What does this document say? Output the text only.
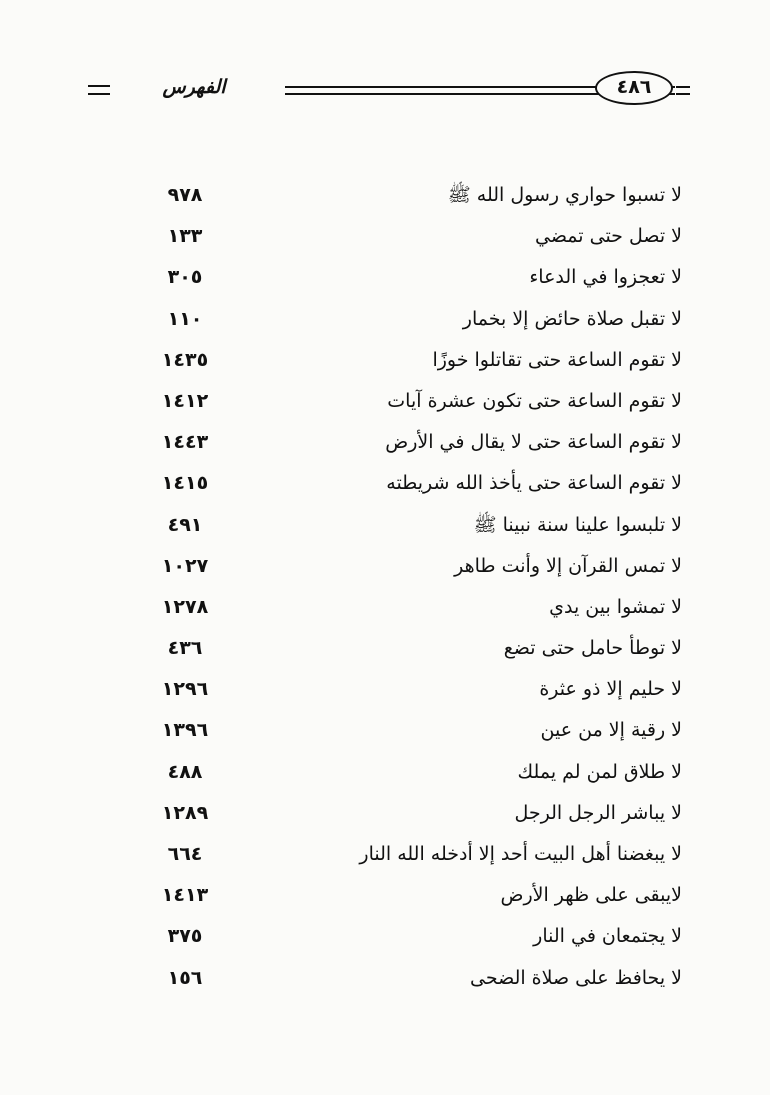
الفهرس	٤٨٦
لا تسبوا حواري رسول الله ﷺ
٩٧٨
لا تصل حتى تمضي
١٣٣
لا تعجزوا في الدعاء
٣٠٥
لا تقبل صلاة حائض إلا بخمار
١١٠
لا تقوم الساعة حتى تقاتلوا خوزًا
١٤٣٥
لا تقوم الساعة حتى تكون عشرة آيات
١٤١٢
لا تقوم الساعة حتى لا يقال في الأرض
١٤٤٣
لا تقوم الساعة حتى يأخذ الله شريطته
١٤١٥
لا تلبسوا علينا سنة نبينا ﷺ
٤٩١
لا تمس القرآن إلا وأنت طاهر
١٠٢٧
لا تمشوا بين يدي
١٢٧٨
لا توطأ حامل حتى تضع
٤٣٦
لا حليم إلا ذو عثرة
١٢٩٦
لا رقية إلا من عين
١٣٩٦
لا طلاق لمن لم يملك
٤٨٨
لا يباشر الرجل الرجل
١٢٨٩
لا يبغضنا أهل البيت أحد إلا أدخله الله النار
٦٦٤
لايبقى على ظهر الأرض
١٤١٣
لا يجتمعان في النار
٣٧٥
لا يحافظ على صلاة الضحى
١٥٦
